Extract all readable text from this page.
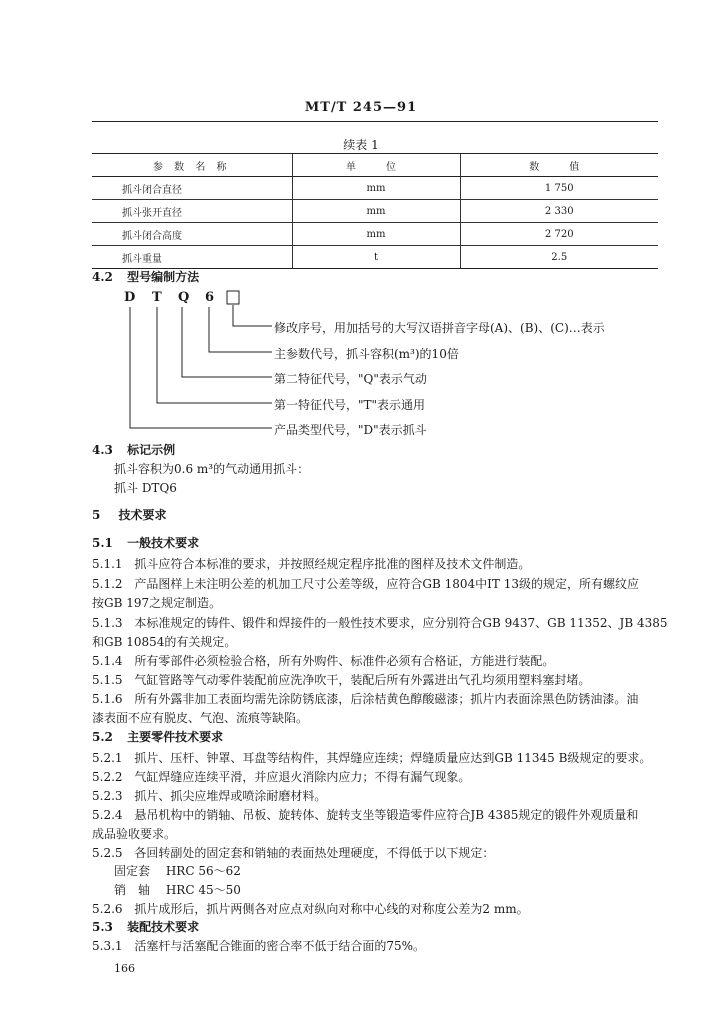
MT/T 245—91
续表 1
参 数 名 称	单　位	数　值
抓斗闭合直径	mm	1 750
抓斗张开直径	mm	2 330
抓斗闭合高度	mm	2 720
抓斗重量	t	2.5
4.2 型号编制方法
D T Q 6
修改序号，用加括号的大写汉语拼音字母(A)、(B)、(C)…表示
主参数代号，抓斗容积(m³)的10倍
第二特征代号，"Q"表示气动
第一特征代号，"T"表示通用
产品类型代号，"D"表示抓斗
4.3 标记示例
抓斗容积为0.6 m³的气动通用抓斗：
抓斗 DTQ6
5 技术要求
5.1 一般技术要求
5.1.1 抓斗应符合本标准的要求，并按照经规定程序批准的图样及技术文件制造。
5.1.2 产品图样上未注明公差的机加工尺寸公差等级，应符合GB 1804中IT 13级的规定，所有螺纹应
按GB 197之规定制造。
5.1.3 本标准规定的铸件、锻件和焊接件的一般性技术要求，应分别符合GB 9437、GB 11352、JB 4385
和GB 10854的有关规定。
5.1.4 所有零部件必须检验合格，所有外购件、标准件必须有合格证，方能进行装配。
5.1.5 气缸管路等气动零件装配前应洗净吹干，装配后所有外露进出气孔均须用塑料塞封堵。
5.1.6 所有外露非加工表面均需先涂防锈底漆，后涂桔黄色醇酸磁漆；抓片内表面涂黑色防锈油漆。油
漆表面不应有脱皮、气泡、流痕等缺陷。
5.2 主要零件技术要求
5.2.1 抓片、压杆、钟罩、耳盘等结构件，其焊缝应连续；焊缝质量应达到GB 11345 B级规定的要求。
5.2.2 气缸焊缝应连续平滑，并应退火消除内应力；不得有漏气现象。
5.2.3 抓片、抓尖应堆焊或喷涂耐磨材料。
5.2.4 悬吊机构中的销轴、吊板、旋转体、旋转支坐等锻造零件应符合JB 4385规定的锻件外观质量和
成品验收要求。
5.2.5 各回转副处的固定套和销轴的表面热处理硬度，不得低于以下规定：
固定套 HRC 56～62
销　轴 HRC 45～50
5.2.6 抓片成形后，抓片两侧各对应点对纵向对称中心线的对称度公差为2 mm。
5.3 装配技术要求
5.3.1 活塞杆与活塞配合锥面的密合率不低于结合面的75%。
166
